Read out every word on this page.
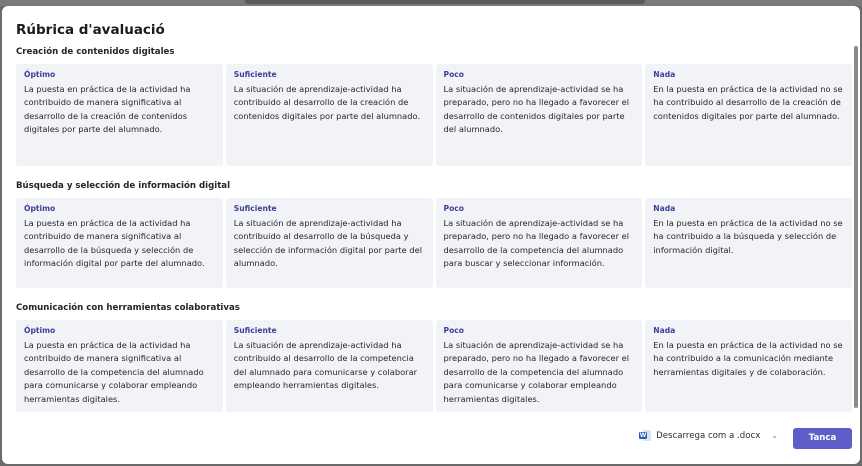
Rúbrica d'avaluació
Creación de contenidos digitales
Óptimo
La puesta en práctica de la actividad ha contribuido de manera significativa al desarrollo de la creación de contenidos digitales por parte del alumnado.
Suficiente
La situación de aprendizaje-actividad ha contribuido al desarrollo de la creación de contenidos digitales por parte del alumnado.
Poco
La situación de aprendizaje-actividad se ha preparado, pero no ha llegado a favorecer el desarrollo de contenidos digitales por parte del alumnado.
Nada
En la puesta en práctica de la actividad no se ha contribuido al desarrollo de la creación de contenidos digitales por parte del alumnado.
Búsqueda y selección de información digital
Óptimo
La puesta en práctica de la actividad ha contribuido de manera significativa al desarrollo de la búsqueda y selección de información digital por parte del alumnado.
Suficiente
La situación de aprendizaje-actividad ha contribuido al desarrollo de la búsqueda y selección de información digital por parte del alumnado.
Poco
La situación de aprendizaje-actividad se ha preparado, pero no ha llegado a favorecer el desarrollo de la competencia del alumnado para buscar y seleccionar información.
Nada
En la puesta en práctica de la actividad no se ha contribuido a la búsqueda y selección de información digital.
Comunicación con herramientas colaborativas
Óptimo
La puesta en práctica de la actividad ha contribuido de manera significativa al desarrollo de la competencia del alumnado para comunicarse y colaborar empleando herramientas digitales.
Suficiente
La situación de aprendizaje-actividad ha contribuido al desarrollo de la competencia del alumnado para comunicarse y colaborar empleando herramientas digitales.
Poco
La situación de aprendizaje-actividad se ha preparado, pero no ha llegado a favorecer el desarrollo de la competencia del alumnado para comunicarse y colaborar empleando herramientas digitales.
Nada
En la puesta en práctica de la actividad no se ha contribuido a la comunicación mediante herramientas digitales y de colaboración.
W Descarrega com a .docx ⌄	Tanca
